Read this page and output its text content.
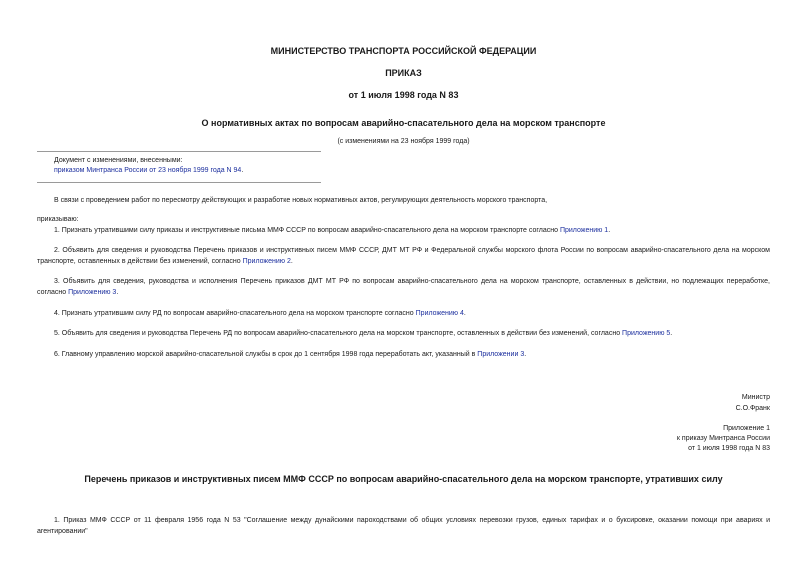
МИНИСТЕРСТВО ТРАНСПОРТА РОССИЙСКОЙ ФЕДЕРАЦИИ
ПРИКАЗ
от 1 июля 1998 года N 83
О нормативных актах по вопросам аварийно-спасательного дела на морском транспорте
(с изменениями на 23 ноября 1999 года)
Документ с изменениями, внесенными:
приказом Минтранса России от 23 ноября 1999 года N 94.
В связи с проведением работ по пересмотру действующих и разработке новых нормативных актов, регулирующих деятельность морского транспорта,
приказываю:
1. Признать утратившими силу приказы и инструктивные письма ММФ СССР по вопросам аварийно-спасательного дела на морском транспорте согласно Приложению 1.
2. Объявить для сведения и руководства Перечень приказов и инструктивных писем ММФ СССР, ДМТ МТ РФ и Федеральной службы морского флота России по вопросам аварийно-спасательного дела на морском транспорте, оставленных в действии без изменений, согласно Приложению 2.
3. Объявить для сведения, руководства и исполнения Перечень приказов ДМТ МТ РФ по вопросам аварийно-спасательного дела на морском транспорте, оставленных в действии, но подлежащих переработке, согласно Приложению 3.
4. Признать утратившим силу РД по вопросам аварийно-спасательного дела на морском транспорте согласно Приложению 4.
5. Объявить для сведения и руководства Перечень РД по вопросам аварийно-спасательного дела на морском транспорте, оставленных в действии без изменений, согласно Приложению 5.
6. Главному управлению морской аварийно-спасательной службы в срок до 1 сентября 1998 года переработать акт, указанный в Приложении 3.
Министр
С.О.Франк
Приложение 1
к приказу Минтранса России
от 1 июля 1998 года N 83
Перечень приказов и инструктивных писем ММФ СССР по вопросам аварийно-спасательного дела на морском транспорте, утративших силу
1. Приказ ММФ СССР от 11 февраля 1956 года N 53 "Соглашение между дунайскими пароходствами об общих условиях перевозки грузов, единых тарифах и о буксировке, оказании помощи при авариях и агентировании"
